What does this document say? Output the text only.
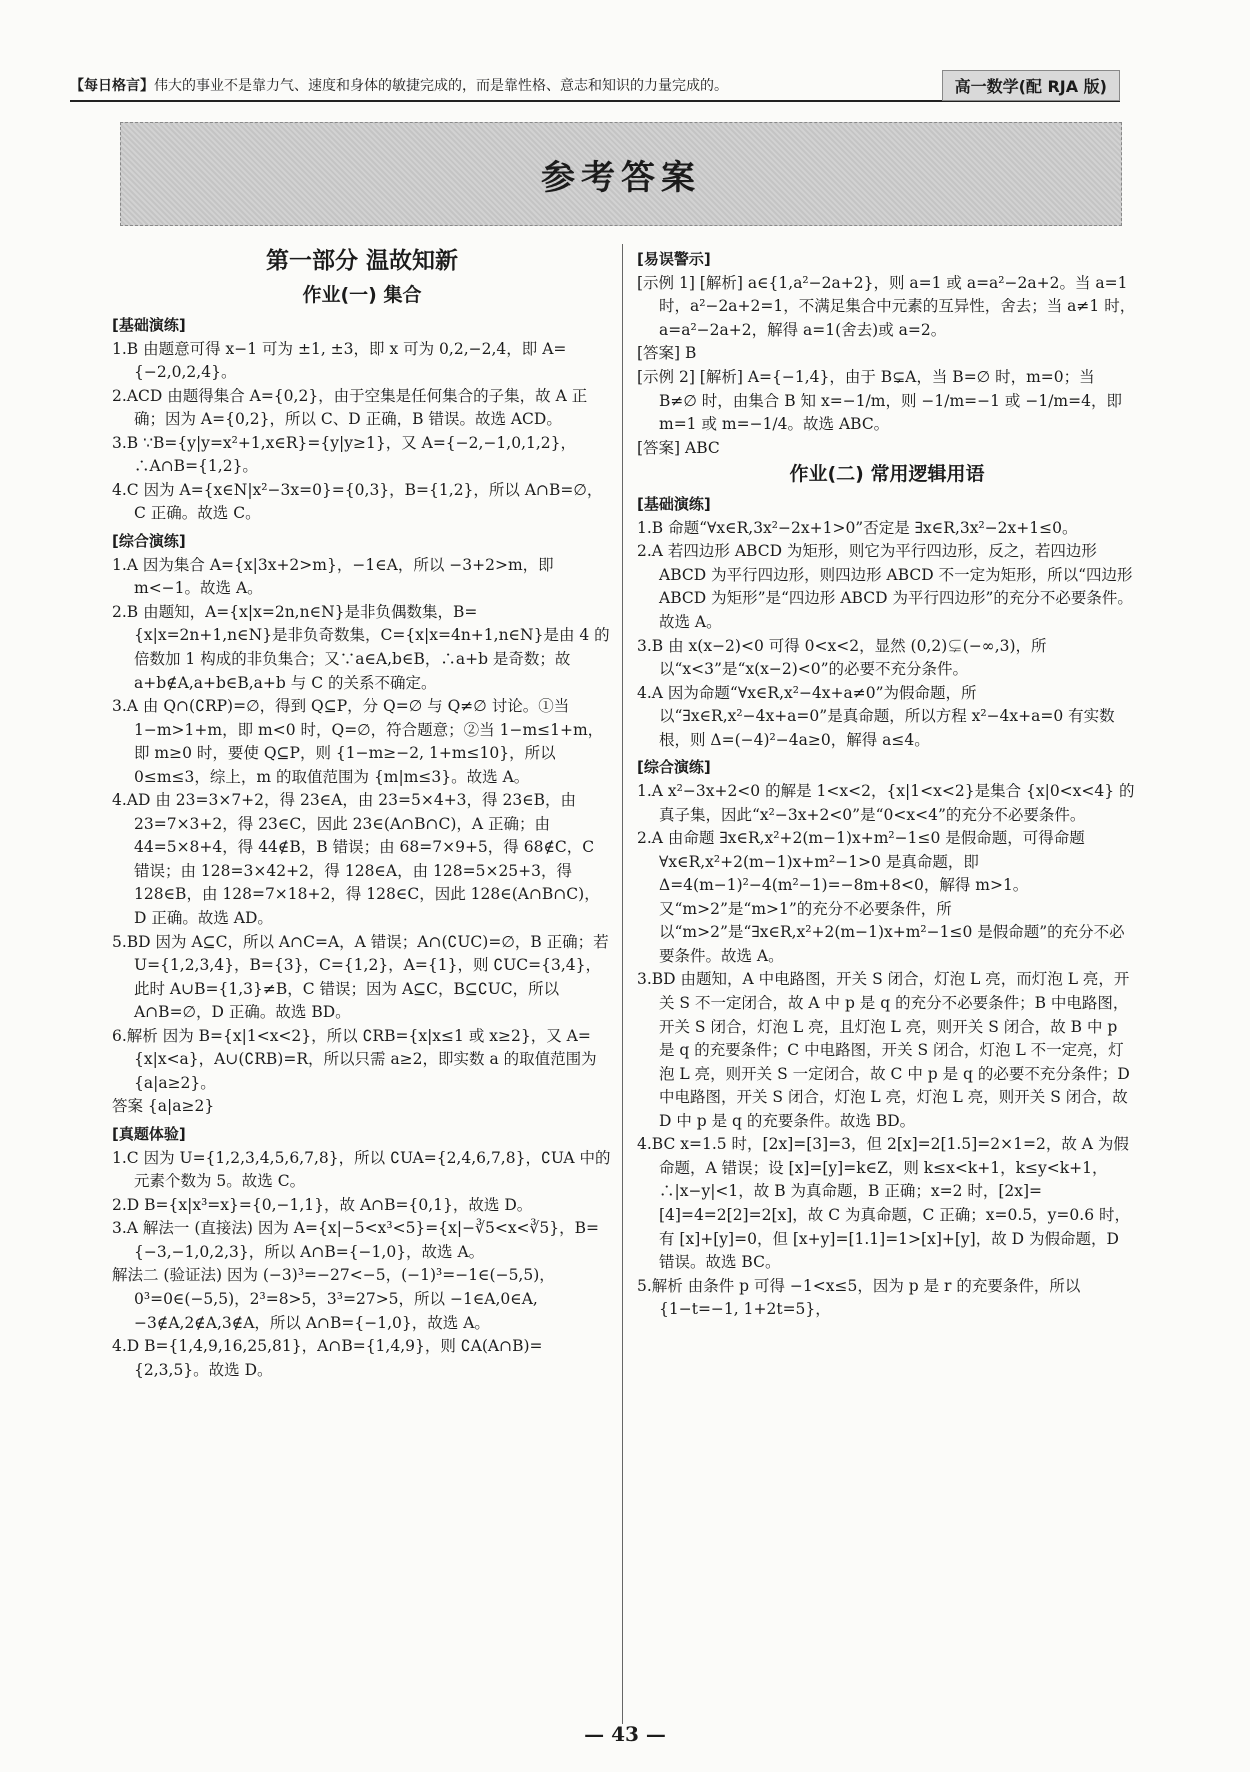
【每日格言】伟大的事业不是靠力气、速度和身体的敏捷完成的，而是靠性格、意志和知识的力量完成的。	高一数学(配 RJA 版)
参考答案
第一部分 温故知新
作业(一) 集合
[基础演练]

1.B 由题意可得 x−1 可为 ±1, ±3，即 x 可为 0,2,−2,4，即 A={−2,0,2,4}。

2.ACD 由题得集合 A={0,2}，由于空集是任何集合的子集，故 A 正确；因为 A={0,2}，所以 C、D 正确，B 错误。故选 ACD。

3.B ∵B={y|y=x²+1,x∈R}={y|y≥1}，又 A={−2,−1,0,1,2}，∴A∩B={1,2}。

4.C 因为 A={x∈N|x²−3x=0}={0,3}，B={1,2}，所以 A∩B=∅，C 正确。故选 C。

[综合演练]

1.A 因为集合 A={x|3x+2>m}，−1∈A，所以 −3+2>m，即 m<−1。故选 A。

2.B 由题知，A={x|x=2n,n∈N}是非负偶数集，B={x|x=2n+1,n∈N}是非负奇数集，C={x|x=4n+1,n∈N}是由 4 的倍数加 1 构成的非负集合；又∵a∈A,b∈B，∴a+b 是奇数；故 a+b∉A,a+b∈B,a+b 与 C 的关系不确定。

3.A 由 Q∩(∁RP)=∅，得到 Q⊆P，分 Q=∅ 与 Q≠∅ 讨论。①当 1−m>1+m，即 m<0 时，Q=∅，符合题意；②当 1−m≤1+m，即 m≥0 时，要使 Q⊆P，则 {1−m≥−2, 1+m≤10}，所以 0≤m≤3，综上，m 的取值范围为 {m|m≤3}。故选 A。

4.AD 由 23=3×7+2，得 23∈A，由 23=5×4+3，得 23∈B，由 23=7×3+2，得 23∈C，因此 23∈(A∩B∩C)，A 正确；由 44=5×8+4，得 44∉B，B 错误；由 68=7×9+5，得 68∉C，C 错误；由 128=3×42+2，得 128∈A，由 128=5×25+3，得 128∈B，由 128=7×18+2，得 128∈C，因此 128∈(A∩B∩C)，D 正确。故选 AD。

5.BD 因为 A⊆C，所以 A∩C=A，A 错误；A∩(∁UC)=∅，B 正确；若 U={1,2,3,4}，B={3}，C={1,2}，A={1}，则 ∁UC={3,4}，此时 A∪B={1,3}≠B，C 错误；因为 A⊆C，B⊆∁UC，所以 A∩B=∅，D 正确。故选 BD。

6.解析 因为 B={x|1<x<2}，所以 ∁RB={x|x≤1 或 x≥2}，又 A={x|x<a}，A∪(∁RB)=R，所以只需 a≥2，即实数 a 的取值范围为 {a|a≥2}。

答案 {a|a≥2}

[真题体验]

1.C 因为 U={1,2,3,4,5,6,7,8}，所以 ∁UA={2,4,6,7,8}，∁UA 中的元素个数为 5。故选 C。

2.D B={x|x³=x}={0,−1,1}，故 A∩B={0,1}，故选 D。

3.A 解法一 (直接法) 因为 A={x|−5<x³<5}={x|−∛5<x<∛5}，B={−3,−1,0,2,3}，所以 A∩B={−1,0}，故选 A。

解法二 (验证法) 因为 (−3)³=−27<−5，(−1)³=−1∈(−5,5)，0³=0∈(−5,5)，2³=8>5，3³=27>5，所以 −1∈A,0∈A,−3∉A,2∉A,3∉A，所以 A∩B={−1,0}，故选 A。

4.D B={1,4,9,16,25,81}，A∩B={1,4,9}，则 ∁A(A∩B)={2,3,5}。故选 D。

[易误警示]

[示例 1] [解析] a∈{1,a²−2a+2}，则 a=1 或 a=a²−2a+2。当 a=1 时，a²−2a+2=1，不满足集合中元素的互异性，舍去；当 a≠1 时，a=a²−2a+2，解得 a=1(舍去)或 a=2。

[答案] B

[示例 2] [解析] A={−1,4}，由于 B⊊A，当 B=∅ 时，m=0；当 B≠∅ 时，由集合 B 知 x=−1/m，则 −1/m=−1 或 −1/m=4，即 m=1 或 m=−1/4。故选 ABC。

[答案] ABC

作业(二) 常用逻辑用语
[基础演练]

1.B 命题“∀x∈R,3x²−2x+1>0”否定是 ∃x∈R,3x²−2x+1≤0。

2.A 若四边形 ABCD 为矩形，则它为平行四边形，反之，若四边形 ABCD 为平行四边形，则四边形 ABCD 不一定为矩形，所以“四边形 ABCD 为矩形”是“四边形 ABCD 为平行四边形”的充分不必要条件。故选 A。

3.B 由 x(x−2)<0 可得 0<x<2，显然 (0,2)⊊(−∞,3)，所以“x<3”是“x(x−2)<0”的必要不充分条件。

4.A 因为命题“∀x∈R,x²−4x+a≠0”为假命题，所以“∃x∈R,x²−4x+a=0”是真命题，所以方程 x²−4x+a=0 有实数根，则 Δ=(−4)²−4a≥0，解得 a≤4。

[综合演练]

1.A x²−3x+2<0 的解是 1<x<2，{x|1<x<2}是集合 {x|0<x<4} 的真子集，因此“x²−3x+2<0”是“0<x<4”的充分不必要条件。

2.A 由命题 ∃x∈R,x²+2(m−1)x+m²−1≤0 是假命题，可得命题 ∀x∈R,x²+2(m−1)x+m²−1>0 是真命题，即 Δ=4(m−1)²−4(m²−1)=−8m+8<0，解得 m>1。又“m>2”是“m>1”的充分不必要条件，所以“m>2”是“∃x∈R,x²+2(m−1)x+m²−1≤0 是假命题”的充分不必要条件。故选 A。

3.BD 由题知，A 中电路图，开关 S 闭合，灯泡 L 亮，而灯泡 L 亮，开关 S 不一定闭合，故 A 中 p 是 q 的充分不必要条件；B 中电路图，开关 S 闭合，灯泡 L 亮，且灯泡 L 亮，则开关 S 闭合，故 B 中 p 是 q 的充要条件；C 中电路图，开关 S 闭合，灯泡 L 不一定亮，灯泡 L 亮，则开关 S 一定闭合，故 C 中 p 是 q 的必要不充分条件；D 中电路图，开关 S 闭合，灯泡 L 亮，灯泡 L 亮，则开关 S 闭合，故 D 中 p 是 q 的充要条件。故选 BD。

4.BC x=1.5 时，[2x]=[3]=3，但 2[x]=2[1.5]=2×1=2，故 A 为假命题，A 错误；设 [x]=[y]=k∈Z，则 k≤x<k+1，k≤y<k+1，∴|x−y|<1，故 B 为真命题，B 正确；x=2 时，[2x]=[4]=4=2[2]=2[x]，故 C 为真命题，C 正确；x=0.5，y=0.6 时，有 [x]+[y]=0，但 [x+y]=[1.1]=1>[x]+[y]，故 D 为假命题，D 错误。故选 BC。

5.解析 由条件 p 可得 −1<x≤5，因为 p 是 r 的充要条件，所以 {1−t=−1, 1+2t=5}，

— 43 —
